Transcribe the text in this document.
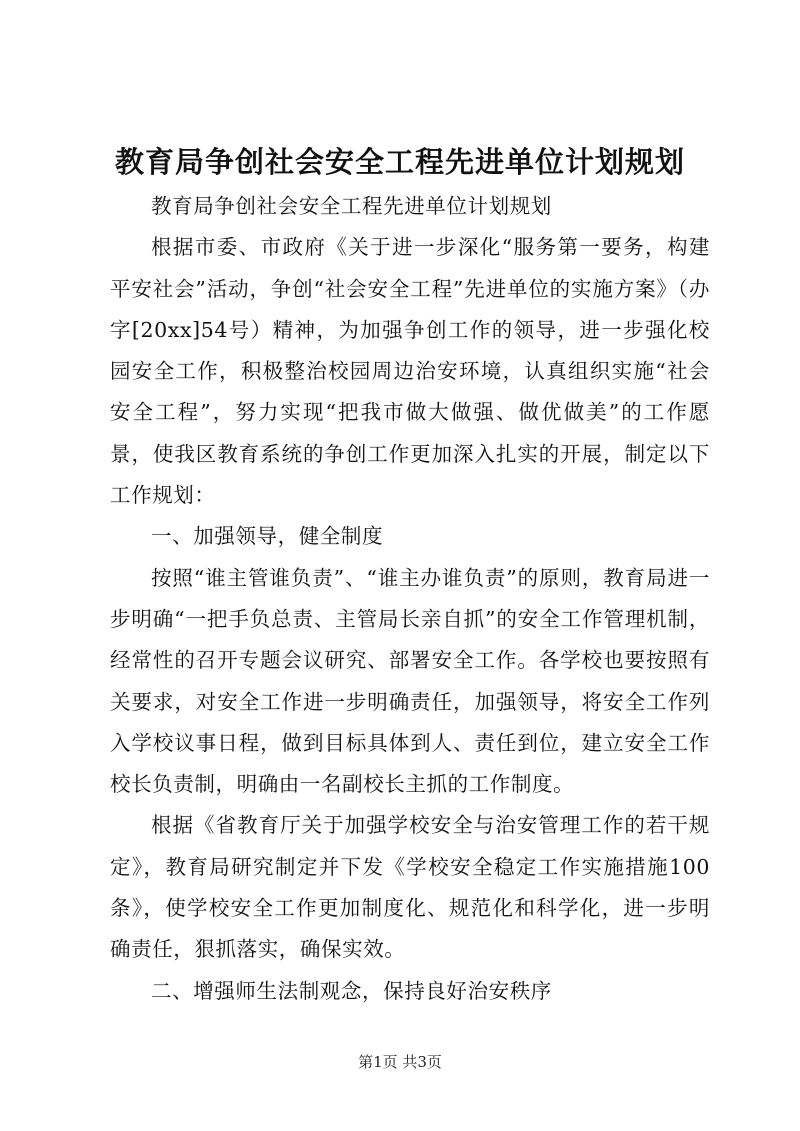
教育局争创社会安全工程先进单位计划规划

教育局争创社会安全工程先进单位计划规划

根据市委、市政府《关于进一步深化“服务第一要务，构建平安社会”活动，争创“社会安全工程”先进单位的实施方案》（办字[20xx]54号）精神，为加强争创工作的领导，进一步强化校园安全工作，积极整治校园周边治安环境，认真组织实施“社会安全工程”，努力实现“把我市做大做强、做优做美”的工作愿景，使我区教育系统的争创工作更加深入扎实的开展，制定以下工作规划：

一、加强领导，健全制度

按照“谁主管谁负责”、“谁主办谁负责”的原则，教育局进一步明确“一把手负总责、主管局长亲自抓”的安全工作管理机制，经常性的召开专题会议研究、部署安全工作。各学校也要按照有关要求，对安全工作进一步明确责任，加强领导，将安全工作列入学校议事日程，做到目标具体到人、责任到位，建立安全工作校长负责制，明确由一名副校长主抓的工作制度。

根据《省教育厅关于加强学校安全与治安管理工作的若干规定》，教育局研究制定并下发《学校安全稳定工作实施措施100条》，使学校安全工作更加制度化、规范化和科学化，进一步明确责任，狠抓落实，确保实效。

二、增强师生法制观念，保持良好治安秩序

第1页 共3页
